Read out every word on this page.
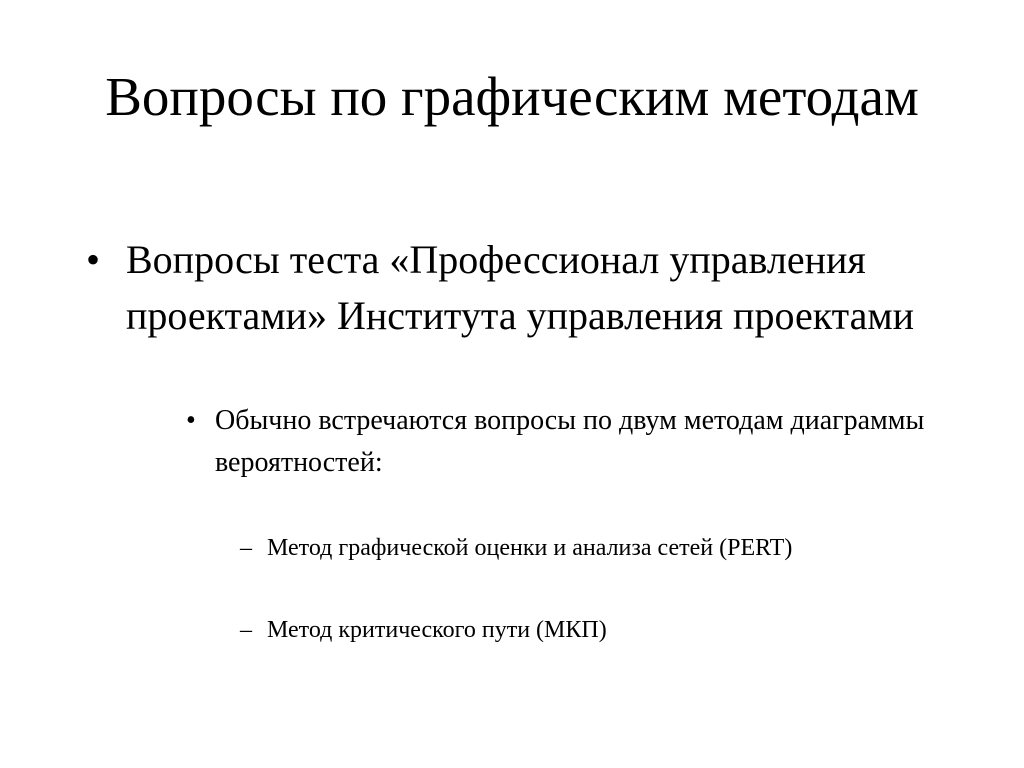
Вопросы по графическим методам
• Вопросы теста «Профессионал управления проектами» Института управления проектами
• Обычно встречаются вопросы по двум методам диаграммы вероятностей:
– Метод графической оценки и анализа сетей (PERT)
– Метод критического пути (МКП)
